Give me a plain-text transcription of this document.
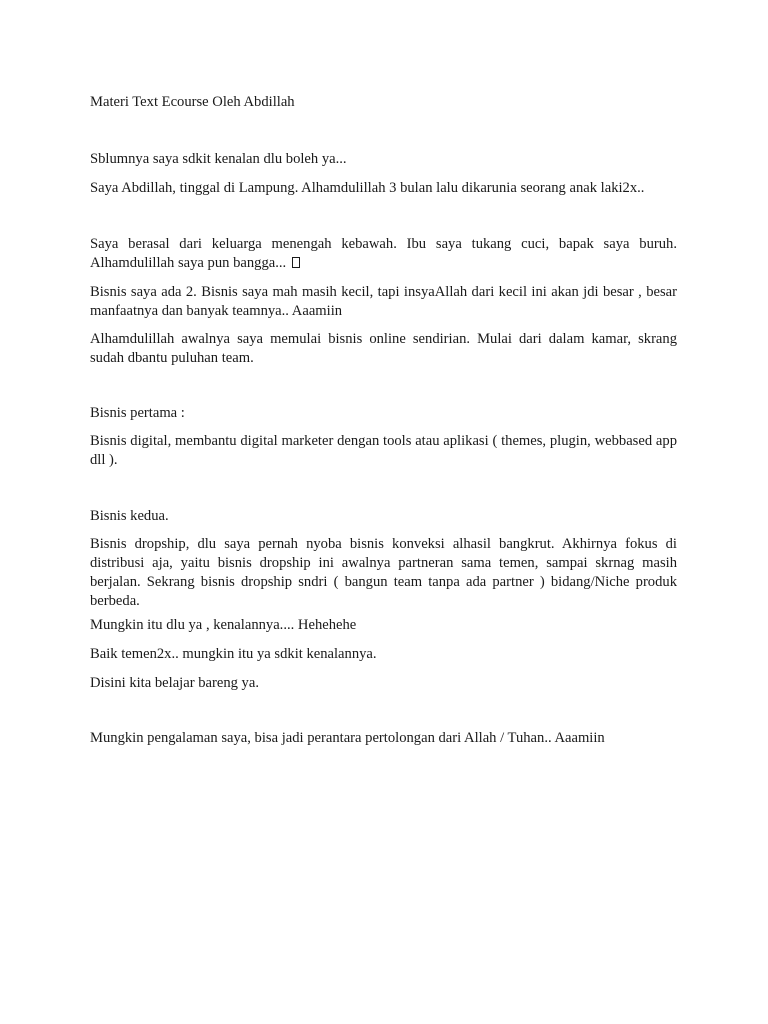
Materi Text Ecourse Oleh Abdillah

Sblumnya saya sdkit kenalan dlu boleh ya...

Saya Abdillah, tinggal di Lampung. Alhamdulillah 3 bulan lalu dikarunia seorang anak laki2x..

Saya berasal dari keluarga menengah kebawah. Ibu saya tukang cuci, bapak saya buruh. Alhamdulillah saya pun bangga...

Bisnis saya ada 2. Bisnis saya mah masih kecil, tapi insyaAllah dari kecil ini akan jdi besar , besar manfaatnya dan banyak teamnya.. Aaamiin

Alhamdulillah awalnya saya memulai bisnis online sendirian. Mulai dari dalam kamar, skrang sudah dbantu puluhan team.

Bisnis pertama :

Bisnis digital, membantu digital marketer dengan tools atau aplikasi ( themes, plugin, webbased app dll ).

Bisnis kedua.

Bisnis dropship, dlu saya pernah nyoba bisnis konveksi alhasil bangkrut. Akhirnya fokus di distribusi aja, yaitu bisnis dropship ini awalnya partneran sama temen, sampai skrnag masih berjalan. Sekrang bisnis dropship sndri ( bangun team tanpa ada partner ) bidang/Niche produk berbeda.

Mungkin itu dlu ya , kenalannya.... Hehehehe

Baik temen2x.. mungkin itu ya sdkit kenalannya.

Disini kita belajar bareng ya.

Mungkin pengalaman saya, bisa jadi perantara pertolongan dari Allah / Tuhan.. Aaamiin
